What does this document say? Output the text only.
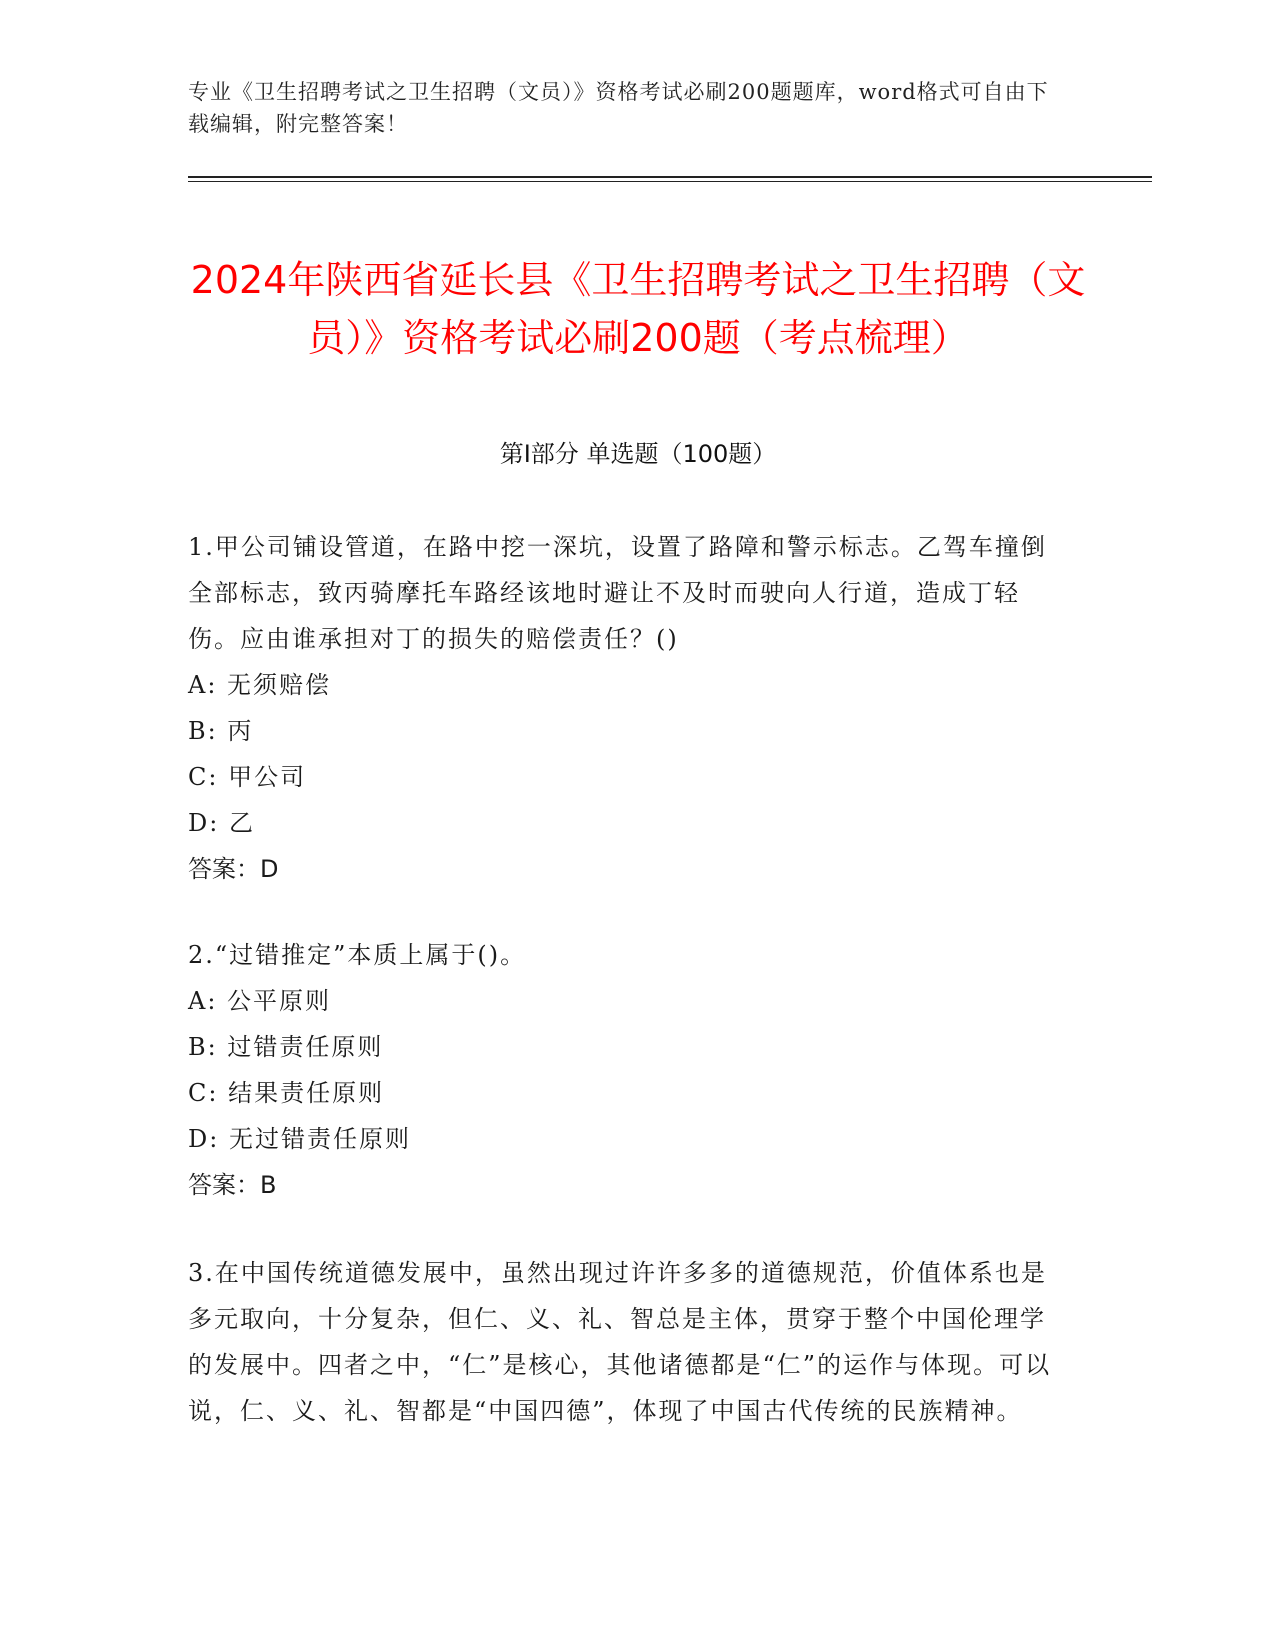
专业《卫生招聘考试之卫生招聘（文员）》资格考试必刷200题题库，word格式可自由下载编辑，附完整答案！
2024年陕西省延长县《卫生招聘考试之卫生招聘（文员）》资格考试必刷200题（考点梳理）
第Ⅰ部分 单选题（100题）

1.甲公司铺设管道，在路中挖一深坑，设置了路障和警示标志。乙驾车撞倒全部标志，致丙骑摩托车路经该地时避让不及时而驶向人行道，造成丁轻伤。应由谁承担对丁的损失的赔偿责任？()

A: 无须赔偿

B: 丙

C: 甲公司

D: 乙

答案：D

2.“过错推定”本质上属于()。

A: 公平原则

B: 过错责任原则

C: 结果责任原则

D: 无过错责任原则

答案：B

3.在中国传统道德发展中，虽然出现过许许多多的道德规范，价值体系也是多元取向，十分复杂，但仁、义、礼、智总是主体，贯穿于整个中国伦理学的发展中。四者之中，“仁”是核心，其他诸德都是“仁”的运作与体现。可以说，仁、义、礼、智都是“中国四德”，体现了中国古代传统的民族精神。
